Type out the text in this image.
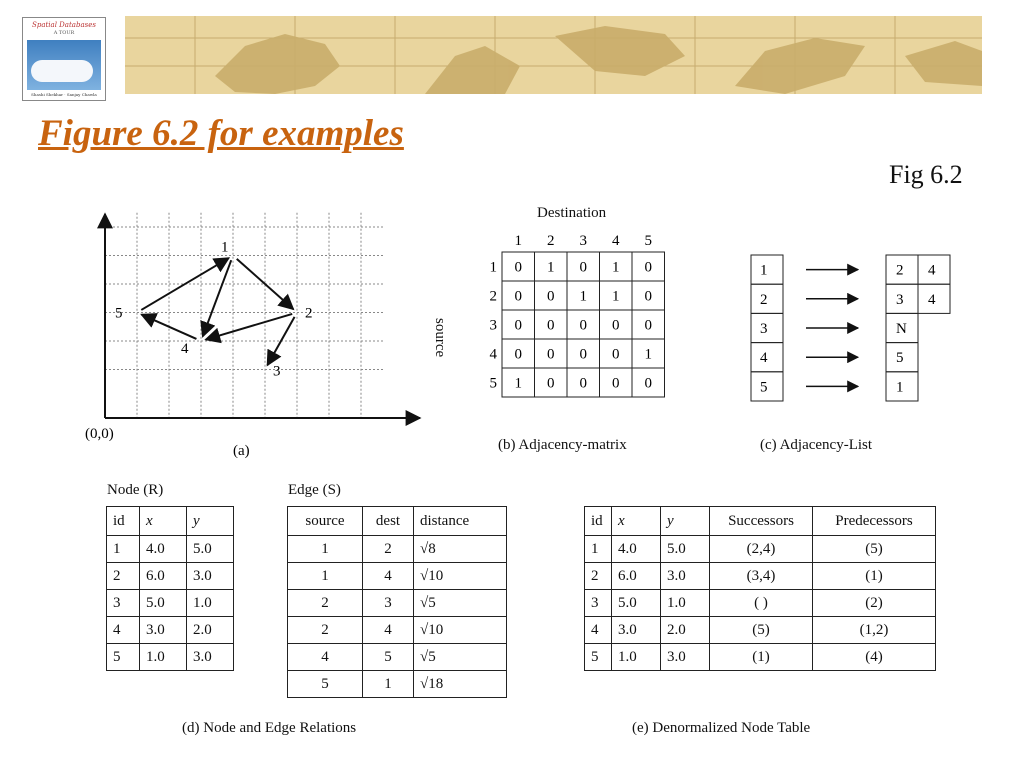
Spatial Databases
A TOUR
Shashi Shekhar · Sanjay Chawla
Figure 6.2 for examples
Fig 6.2
1
2
3
4
5
(0,0)
(a)
Destination
source
1 2 3 4 5
1 0 1 0 1 0
2 0 0 1 1 0
3 0 0 0 0 0
4 0 0 0 0 1
5 1 0 0 0 0
(b) Adjacency-matrix
1	2 4
2	3 4
3	N
4	5
5	1
(c) Adjacency-List
Node (R)
id	x	y
1	4.0	5.0
2	6.0	3.0
3	5.0	1.0
4	3.0	2.0
5	1.0	3.0
Edge (S)
source	dest	distance
1	2	√8
1	4	√10
2	3	√5
2	4	√10
4	5	√5
5	1	√18
(d) Node and Edge Relations
id	x	y	Successors	Predecessors
1	4.0	5.0	(2,4)	(5)
2	6.0	3.0	(3,4)	(1)
3	5.0	1.0	( )	(2)
4	3.0	2.0	(5)	(1,2)
5	1.0	3.0	(1)	(4)
(e) Denormalized Node Table
